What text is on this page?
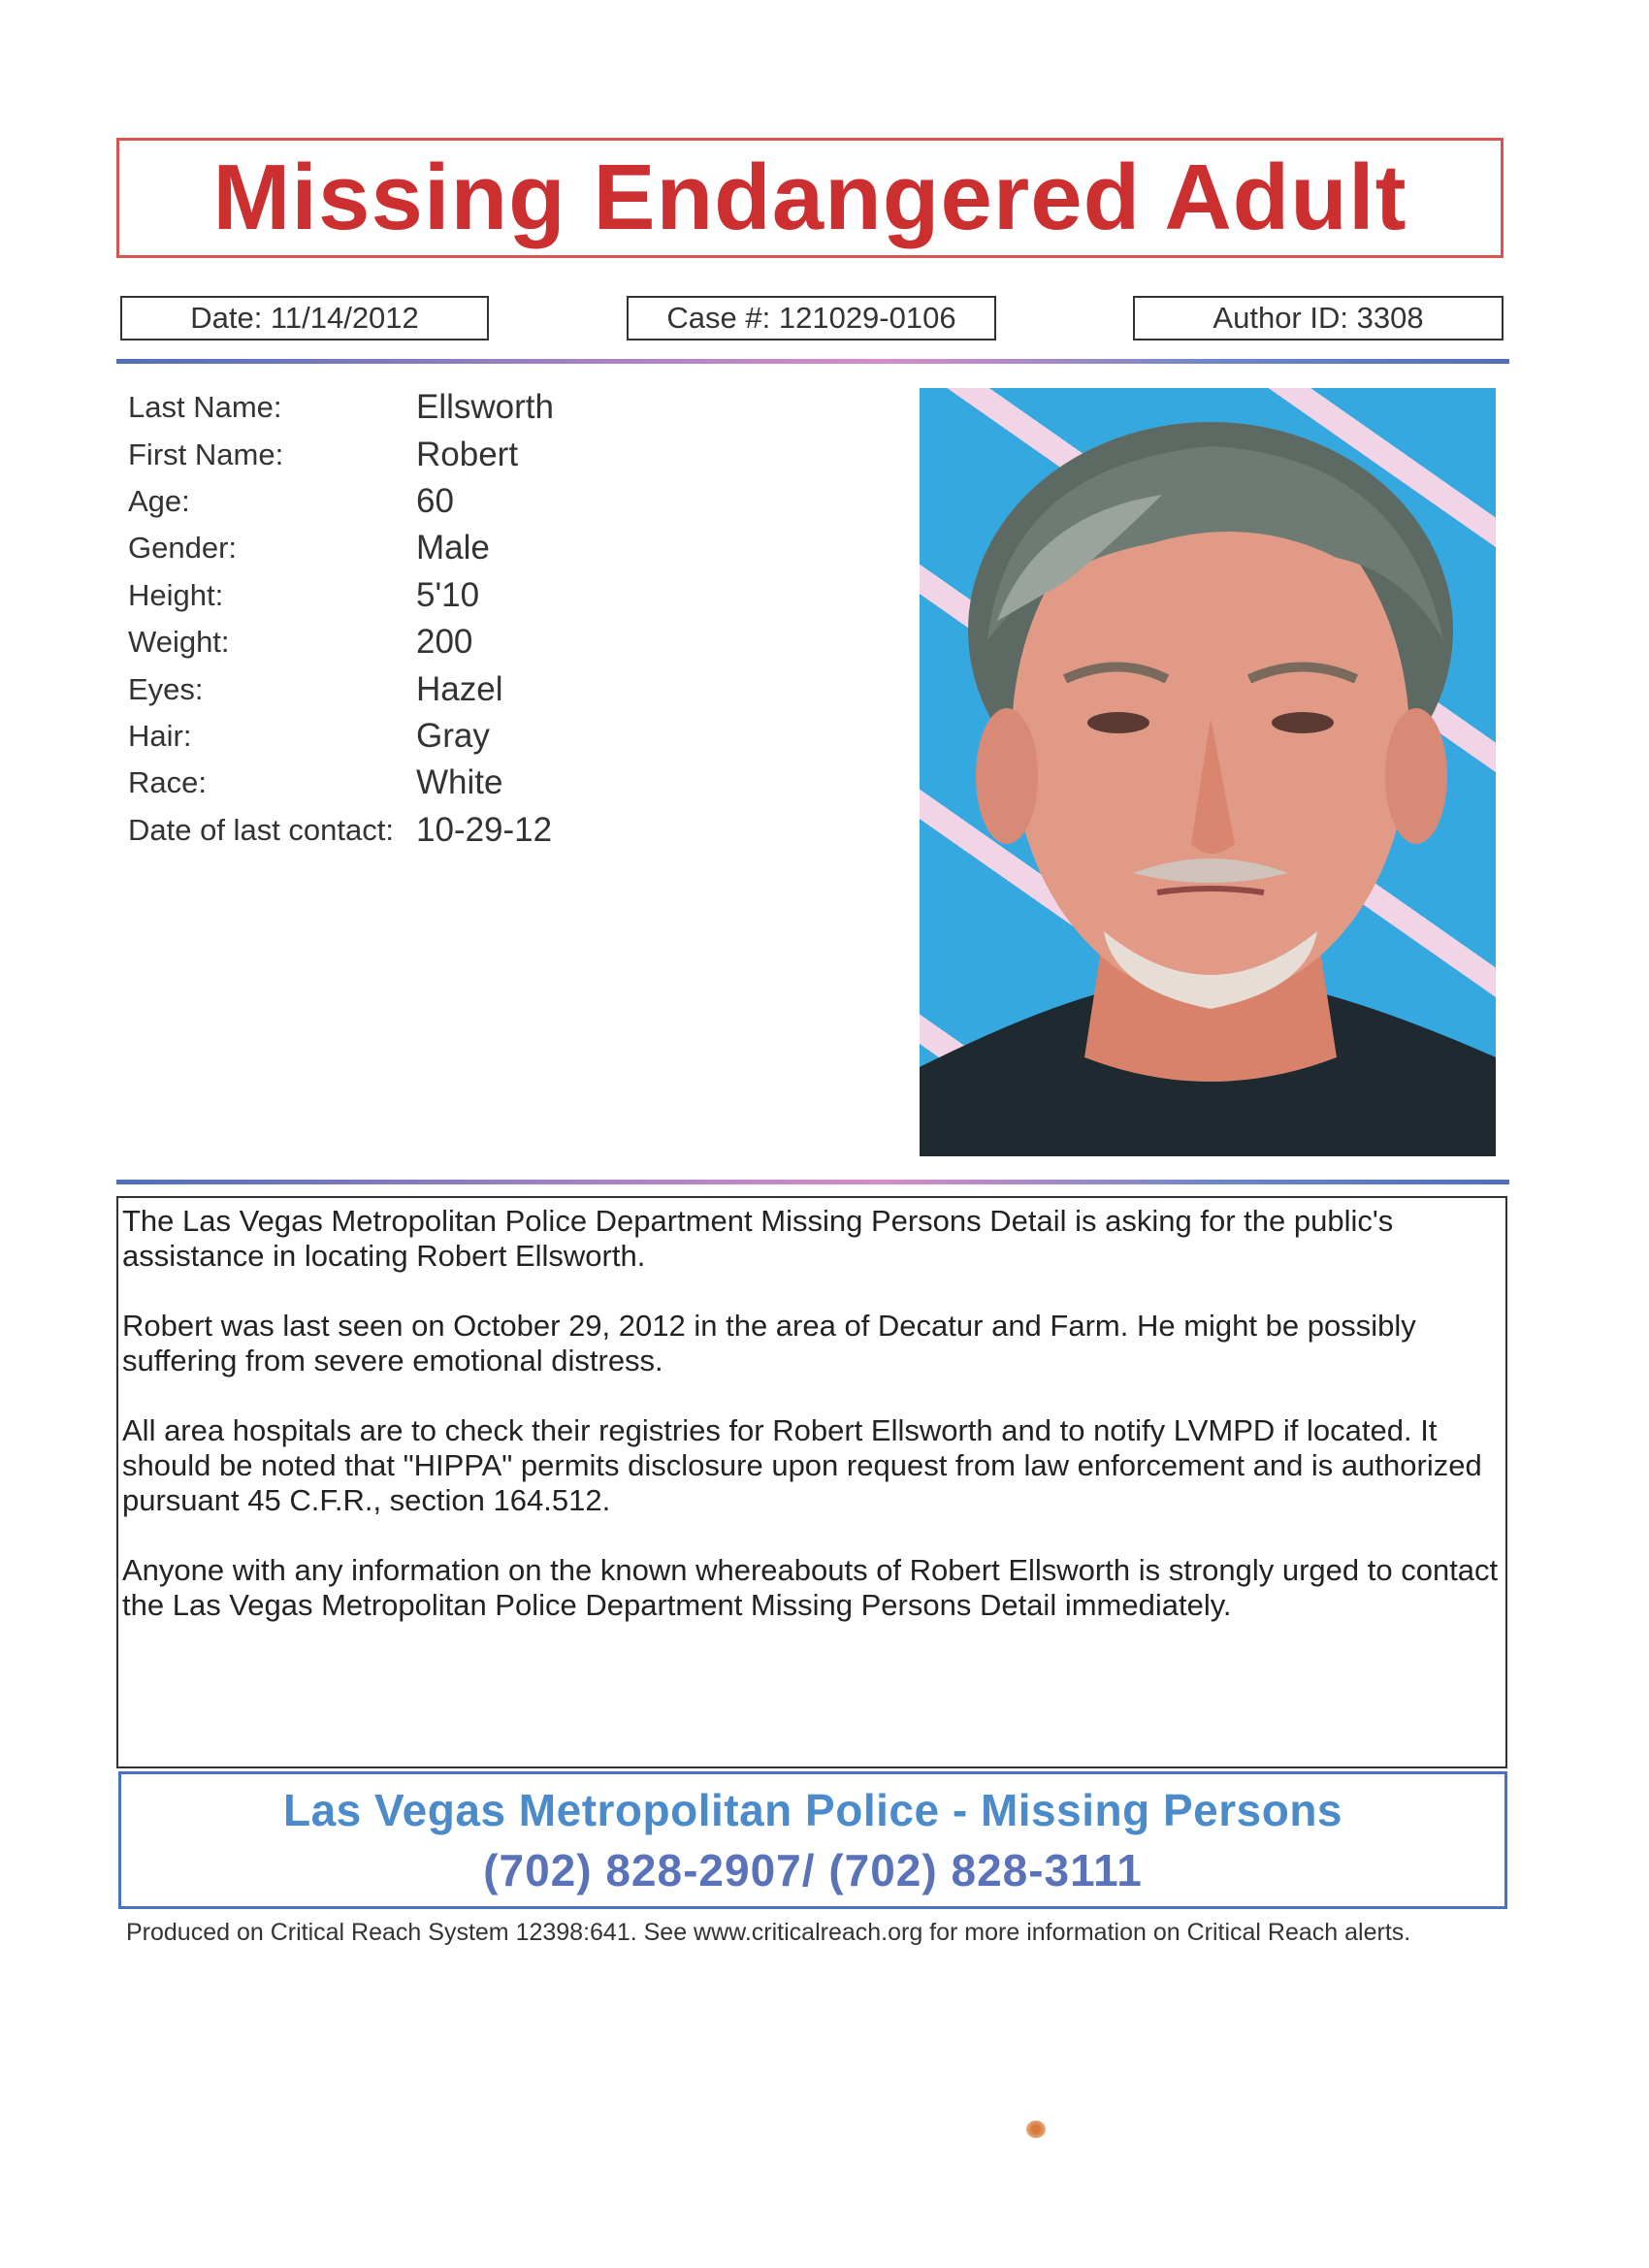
Missing Endangered Adult
Date: 11/14/2012	Case #: 121029-0106	Author ID: 3308
Last Name:	Ellsworth
First Name:	Robert
Age:	60
Gender:	Male
Height:	5'10
Weight:	200
Eyes:	Hazel
Hair:	Gray
Race:	White
Date of last contact: 10-29-12

The Las Vegas Metropolitan Police Department Missing Persons Detail is asking for the public's assistance in locating Robert Ellsworth.

Robert was last seen on October 29, 2012 in the area of Decatur and Farm. He might be possibly suffering from severe emotional distress.

All area hospitals are to check their registries for Robert Ellsworth and to notify LVMPD if located. It should be noted that "HIPPA" permits disclosure upon request from law enforcement and is authorized pursuant 45 C.F.R., section 164.512.

Anyone with any information on the known whereabouts of Robert Ellsworth is strongly urged to contact the Las Vegas Metropolitan Police Department Missing Persons Detail immediately.

Las Vegas Metropolitan Police - Missing Persons
(702) 828-2907/ (702) 828-3111
Produced on Critical Reach System 12398:641. See www.criticalreach.org for more information on Critical Reach alerts.
